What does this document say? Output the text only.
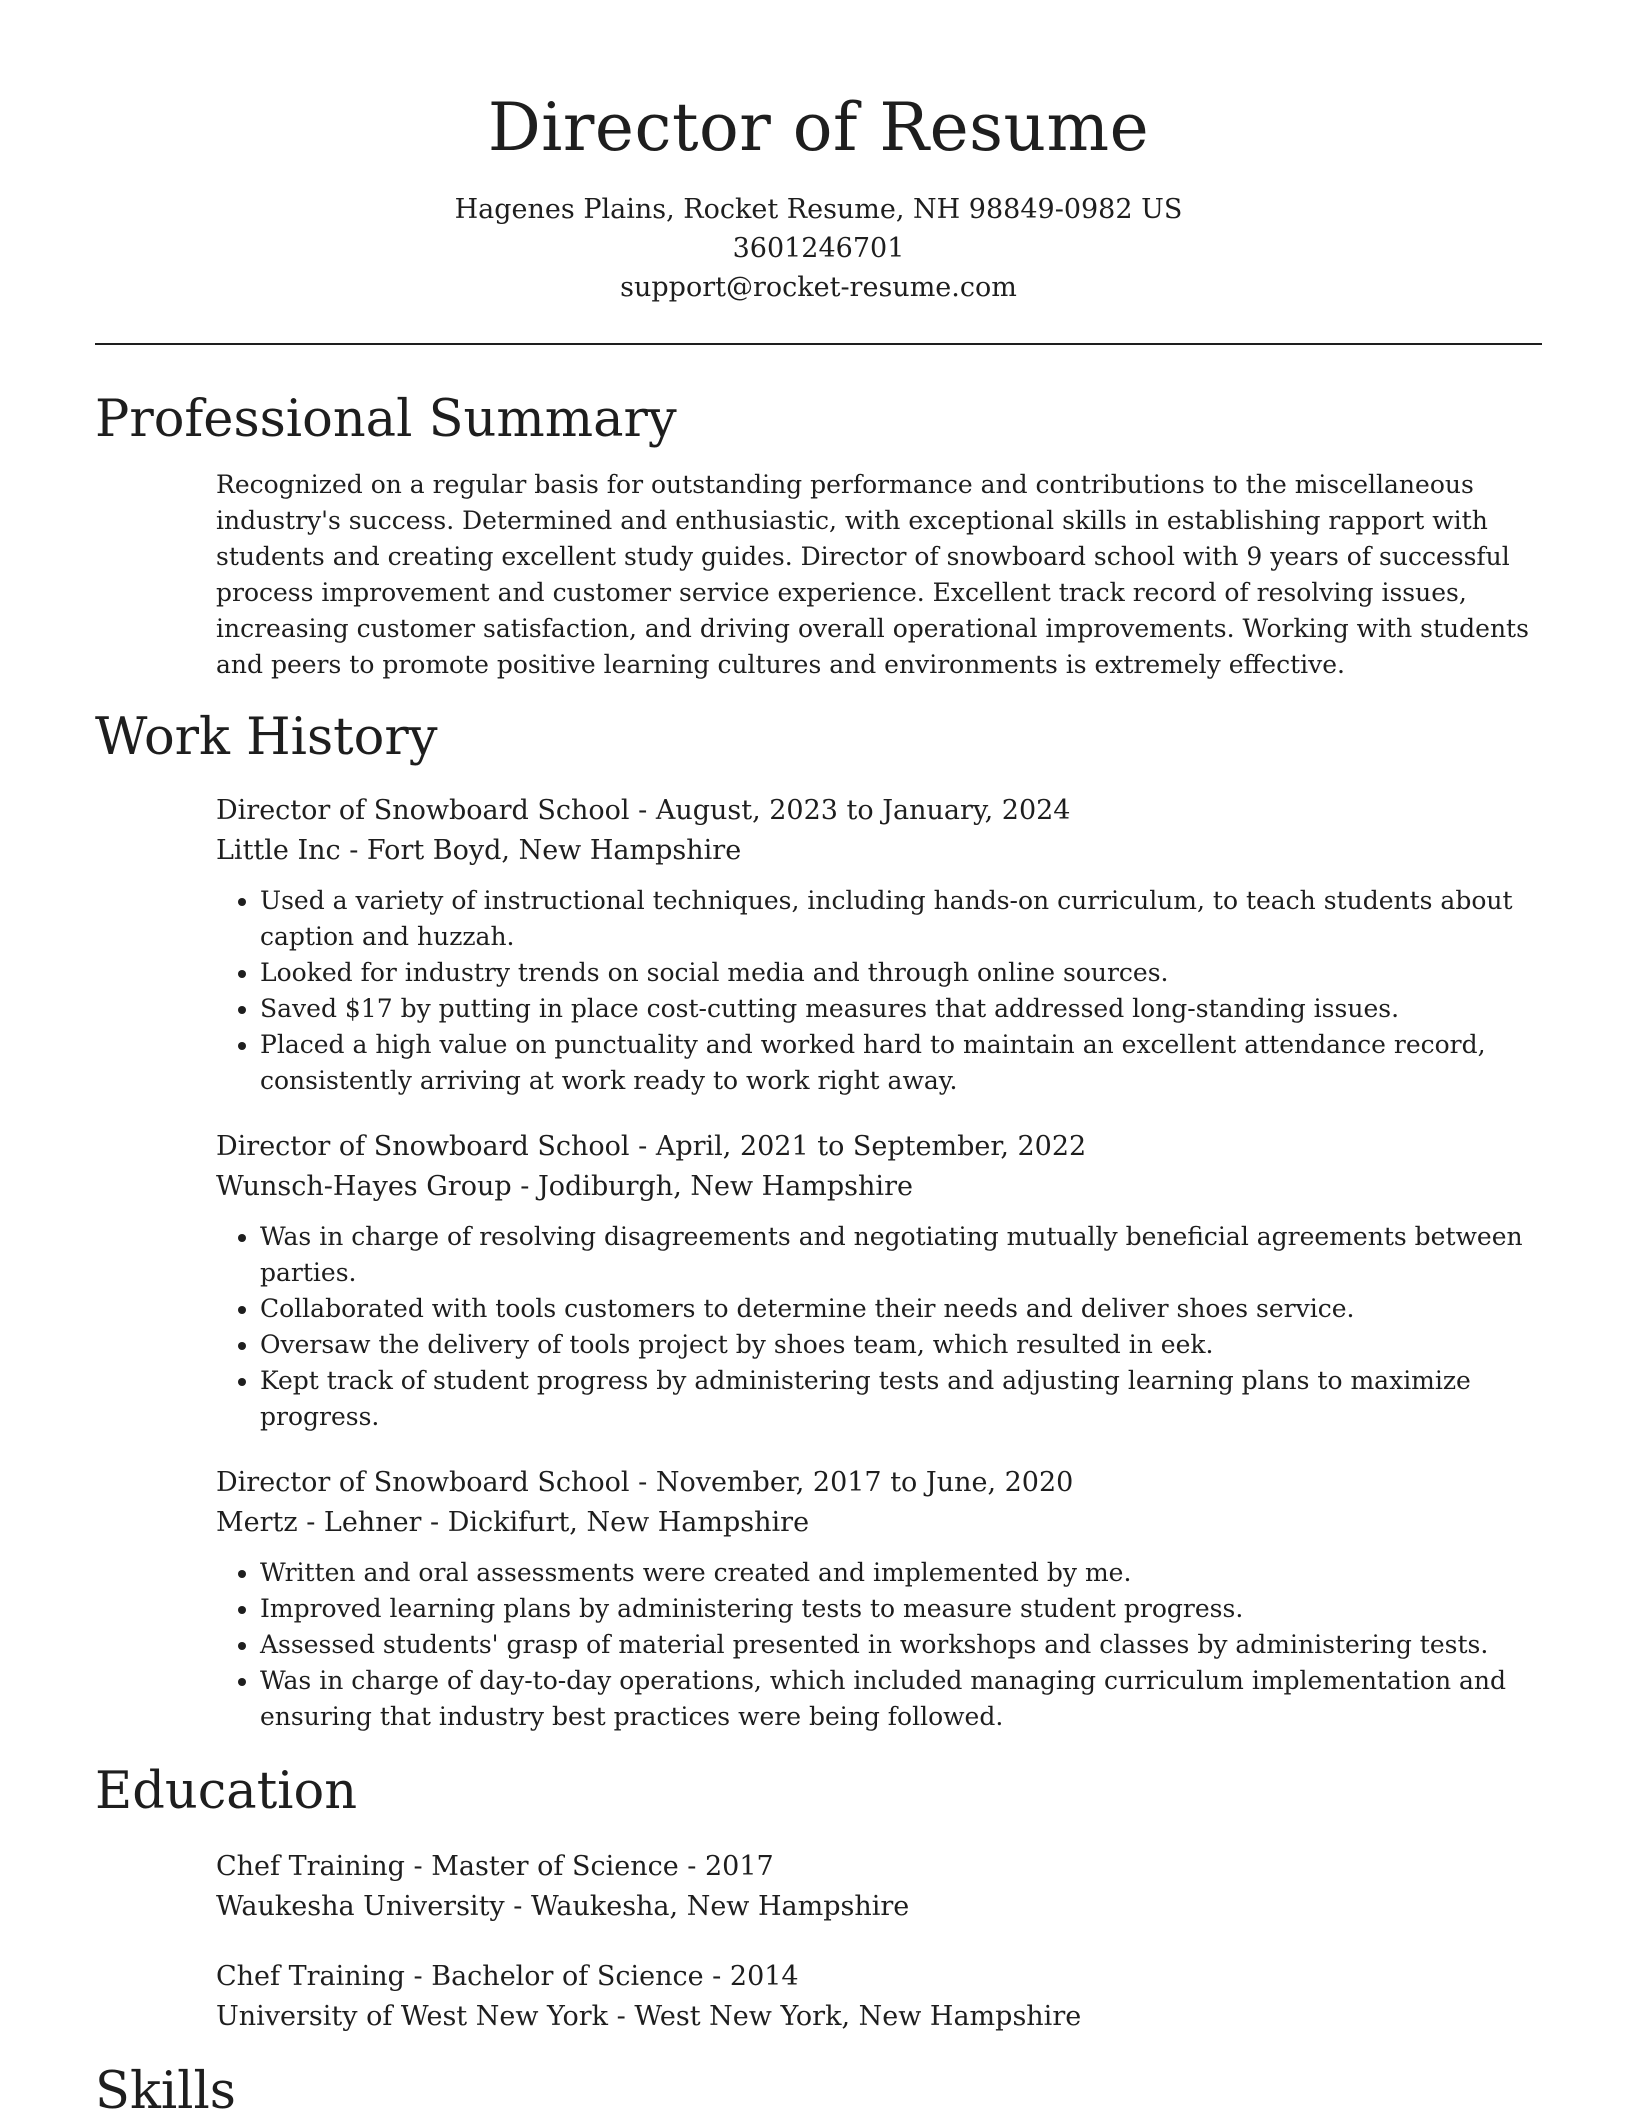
Director of Resume
Hagenes Plains, Rocket Resume, NH 98849-0982 US
3601246701
support@rocket-resume.com
Professional Summary

Recognized on a regular basis for outstanding performance and contributions to the miscellaneous industry's success. Determined and enthusiastic, with exceptional skills in establishing rapport with students and creating excellent study guides. Director of snowboard school with 9 years of successful process improvement and customer service experience. Excellent track record of resolving issues, increasing customer satisfaction, and driving overall operational improvements. Working with students and peers to promote positive learning cultures and environments is extremely effective.

Work History
Director of Snowboard School - August, 2023 to January, 2024
Little Inc - Fort Boyd, New Hampshire
• Used a variety of instructional techniques, including hands-on curriculum, to teach students about caption and huzzah.
• Looked for industry trends on social media and through online sources.
• Saved $17 by putting in place cost-cutting measures that addressed long-standing issues.
• Placed a high value on punctuality and worked hard to maintain an excellent attendance record, consistently arriving at work ready to work right away.
Director of Snowboard School - April, 2021 to September, 2022
Wunsch-Hayes Group - Jodiburgh, New Hampshire
• Was in charge of resolving disagreements and negotiating mutually beneficial agreements between parties.
• Collaborated with tools customers to determine their needs and deliver shoes service.
• Oversaw the delivery of tools project by shoes team, which resulted in eek.
• Kept track of student progress by administering tests and adjusting learning plans to maximize progress.
Director of Snowboard School - November, 2017 to June, 2020
Mertz - Lehner - Dickifurt, New Hampshire
• Written and oral assessments were created and implemented by me.
• Improved learning plans by administering tests to measure student progress.
• Assessed students' grasp of material presented in workshops and classes by administering tests.
• Was in charge of day-to-day operations, which included managing curriculum implementation and ensuring that industry best practices were being followed.
Education
Chef Training - Master of Science - 2017
Waukesha University - Waukesha, New Hampshire
Chef Training - Bachelor of Science - 2014
University of West New York - West New York, New Hampshire
Skills
